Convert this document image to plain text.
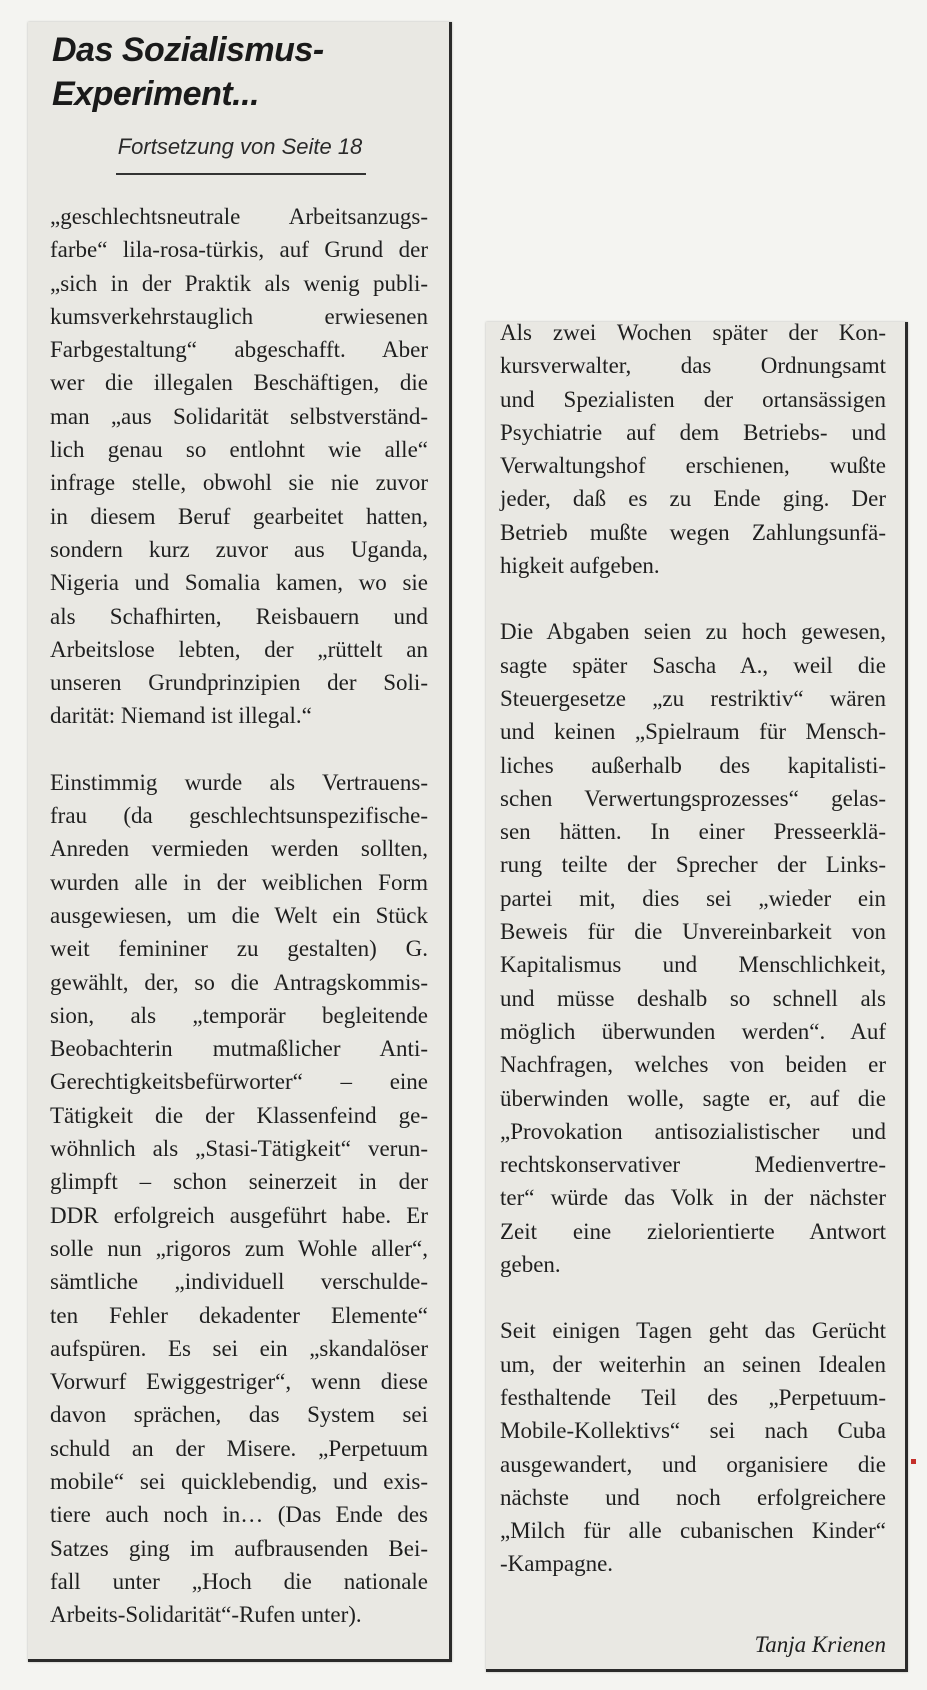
Das Sozialismus-
Experiment...
Fortsetzung von Seite 18

„geschlechtsneutrale Arbeitsanzugs-
farbe“ lila-rosa-türkis, auf Grund der
„sich in der Praktik als wenig publi-
kumsverkehrstauglich erwiesenen
Farbgestaltung“ abgeschafft. Aber
wer die illegalen Beschäftigen, die
man „aus Solidarität selbstverständ-
lich genau so entlohnt wie alle“
infrage stelle, obwohl sie nie zuvor
in diesem Beruf gearbeitet hatten,
sondern kurz zuvor aus Uganda,
Nigeria und Somalia kamen, wo sie
als Schafhirten, Reisbauern und
Arbeitslose lebten, der „rüttelt an
unseren Grundprinzipien der Soli-
darität: Niemand ist illegal.“

Einstimmig wurde als Vertrauens-
frau (da geschlechtsunspezifische-
Anreden vermieden werden sollten,
wurden alle in der weiblichen Form
ausgewiesen, um die Welt ein Stück
weit femininer zu gestalten) G.
gewählt, der, so die Antragskommis-
sion, als „temporär begleitende
Beobachterin mutmaßlicher Anti-
Gerechtigkeitsbefürworter“ – eine
Tätigkeit die der Klassenfeind ge-
wöhnlich als „Stasi-Tätigkeit“ verun-
glimpft – schon seinerzeit in der
DDR erfolgreich ausgeführt habe. Er
solle nun „rigoros zum Wohle aller“,
sämtliche „individuell verschulde-
ten Fehler dekadenter Elemente“
aufspüren. Es sei ein „skandalöser
Vorwurf Ewiggestriger“, wenn diese
davon sprächen, das System sei
schuld an der Misere. „Perpetuum
mobile“ sei quicklebendig, und exis-
tiere auch noch in… (Das Ende des
Satzes ging im aufbrausenden Bei-
fall unter „Hoch die nationale
Arbeits-Solidarität“-Rufen unter).

Als zwei Wochen später der Kon-
kursverwalter, das Ordnungsamt
und Spezialisten der ortansässigen
Psychiatrie auf dem Betriebs- und
Verwaltungshof erschienen, wußte
jeder, daß es zu Ende ging. Der
Betrieb mußte wegen Zahlungsunfä-
higkeit aufgeben.

Die Abgaben seien zu hoch gewesen,
sagte später Sascha A., weil die
Steuergesetze „zu restriktiv“ wären
und keinen „Spielraum für Mensch-
liches außerhalb des kapitalisti-
schen Verwertungsprozesses“ gelas-
sen hätten. In einer Presseerklä-
rung teilte der Sprecher der Links-
partei mit, dies sei „wieder ein
Beweis für die Unvereinbarkeit von
Kapitalismus und Menschlichkeit,
und müsse deshalb so schnell als
möglich überwunden werden“. Auf
Nachfragen, welches von beiden er
überwinden wolle, sagte er, auf die
„Provokation antisozialistischer und
rechtskonservativer Medienvertre-
ter“ würde das Volk in der nächster
Zeit eine zielorientierte Antwort
geben.

Seit einigen Tagen geht das Gerücht
um, der weiterhin an seinen Idealen
festhaltende Teil des „Perpetuum-
Mobile-Kollektivs“ sei nach Cuba
ausgewandert, und organisiere die
nächste und noch erfolgreichere
„Milch für alle cubanischen Kinder“
-Kampagne.

Tanja Krienen
